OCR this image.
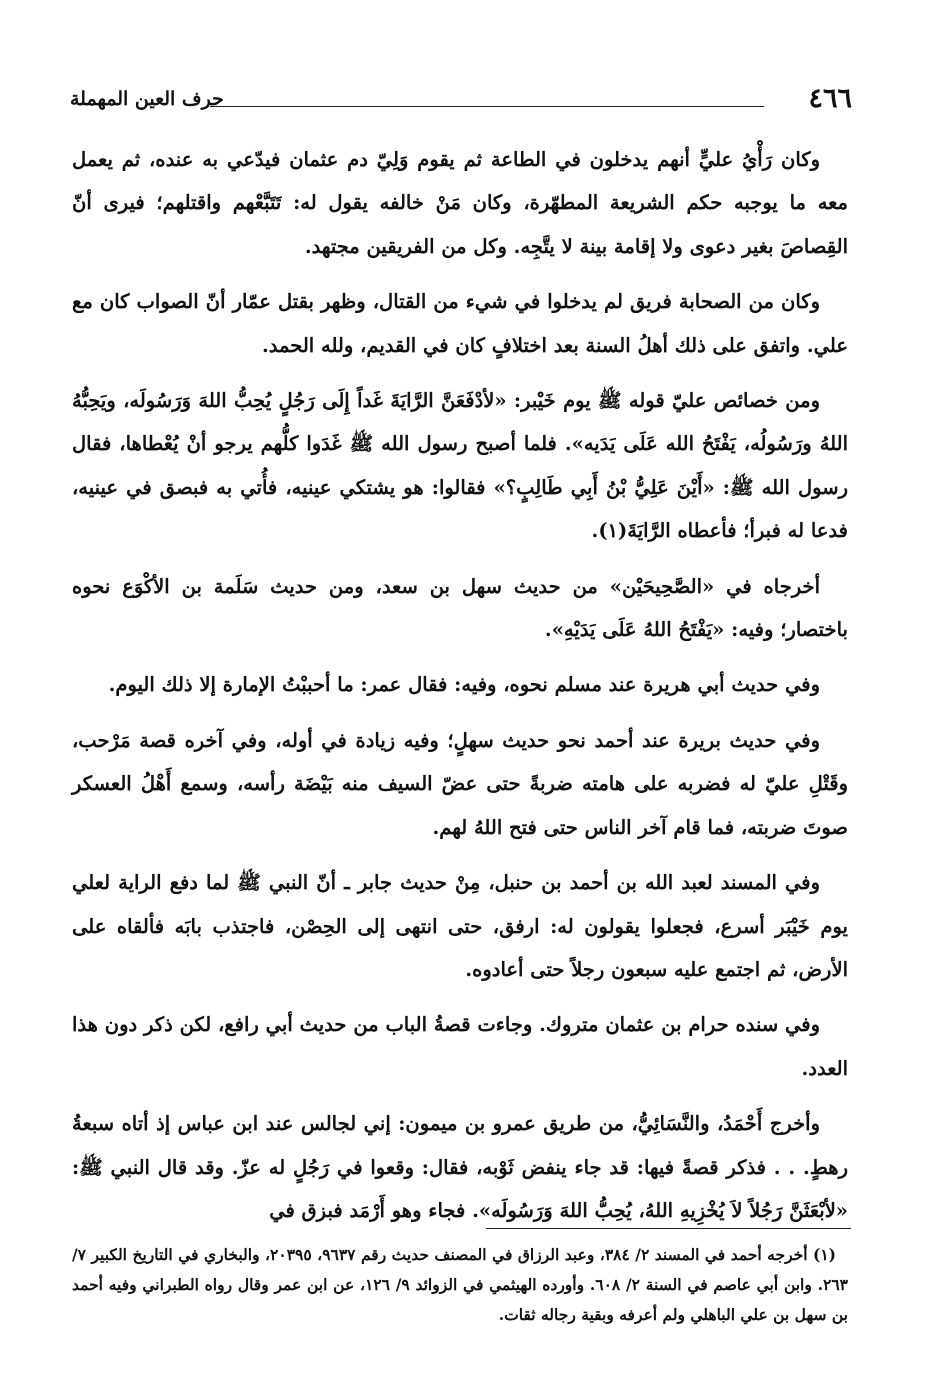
٤٦٦
حرف العين المهملة

وكان رَأْيُ عليٍّ أنهم يدخلون في الطاعة ثم يقوم وَلِيّ دم عثمان فيدّعي به عنده، ثم يعمل معه ما يوجبه حكم الشريعة المطهّرة، وكان مَنْ خالفه يقول له: تَتَبَّعْهم واقتلهم؛ فيرى أنّ القِصاصَ بغير دعوى ولا إقامة بينة لا يتَّجِه. وكل من الفريقين مجتهد.

وكان من الصحابة فريق لم يدخلوا في شيء من القتال، وظهر بقتل عمّار أنّ الصواب كان مع علي. واتفق على ذلك أهلُ السنة بعد اختلافٍ كان في القديم، ولله الحمد.

ومن خصائص عليّ قوله ﷺ يوم خَيْبر: «لأدْفَعَنَّ الرَّايَةَ غَداً إِلَى رَجُلٍ يُحِبُّ اللهَ وَرَسُولَه، ويَحِبُّهُ اللهُ ورَسُولُه، يَفْتَحُ الله عَلَى يَدَيه». فلما أصبح رسول الله ﷺ غَدَوا كلُّهم يرجو أنْ يُعْطاها، فقال رسول الله ﷺ: «أَيْنَ عَلِيُّ بْنُ أَبِي طَالِبٍ؟» فقالوا: هو يشتكي عينيه، فأُتي به فبصق في عينيه، فدعا له فبرأ؛ فأعطاه الرَّايَةَ(١).

أخرجاه في «الصَّحِيحَيْن» من حديث سهل بن سعد، ومن حديث سَلَمة بن الأكْوَع نحوه باختصار؛ وفيه: «يَفْتَحُ اللهُ عَلَى يَدَيْهِ».

وفي حديث أبي هريرة عند مسلم نحوه، وفيه: فقال عمر: ما أحببْتُ الإمارة إلا ذلك اليوم.

وفي حديث بريرة عند أحمد نحو حديث سهلٍ؛ وفيه زيادة في أوله، وفي آخره قصة مَرْحب، وقَتْلِ عليّ له فضربه على هامته ضربةً حتى عضّ السيف منه بَيْضَة رأسه، وسمع أَهْلُ العسكر صوتَ ضربته، فما قام آخر الناس حتى فتح اللهُ لهم.

وفي المسند لعبد الله بن أحمد بن حنبل، مِنْ حديث جابر ـ أنّ النبي ﷺ لما دفع الراية لعلي يوم خَيْبَر أسرع، فجعلوا يقولون له: ارفق، حتى انتهى إلى الحِصْن، فاجتذب بابَه فألقاه على الأرض، ثم اجتمع عليه سبعون رجلاً حتى أعادوه.

وفي سنده حرام بن عثمان متروك. وجاءت قصةُ الباب من حديث أبي رافع، لكن ذكر دون هذا العدد.

وأخرج أَحْمَدُ، والنَّسَائِيُّ، من طريق عمرو بن ميمون: إني لجالس عند ابن عباس إذ أتاه سبعةُ رهطٍ. . . فذكر قصةً فيها: قد جاء ينفض ثَوْبه، فقال: وقعوا في رَجُلٍ له عزّ. وقد قال النبي ﷺ: «لأبْعَثَنَّ رَجُلاً لاَ يُخْزِيهِ اللهُ، يُحِبُّ اللهَ وَرَسُولَه». فجاء وهو أَرْمَد فبزق في

(١) أخرجه أحمد في المسند ٢/ ٣٨٤، وعبد الرزاق في المصنف حديث رقم ٩٦٣٧، ٢٠٣٩٥، والبخاري في التاريخ الكبير ٧/ ٢٦٣. وابن أبي عاصم في السنة ٢/ ٦٠٨. وأورده الهيثمي في الزوائد ٩/ ١٢٦، عن ابن عمر وقال رواه الطبراني وفيه أحمد بن سهل بن علي الباهلي ولم أعرفه وبقية رجاله ثقات.
